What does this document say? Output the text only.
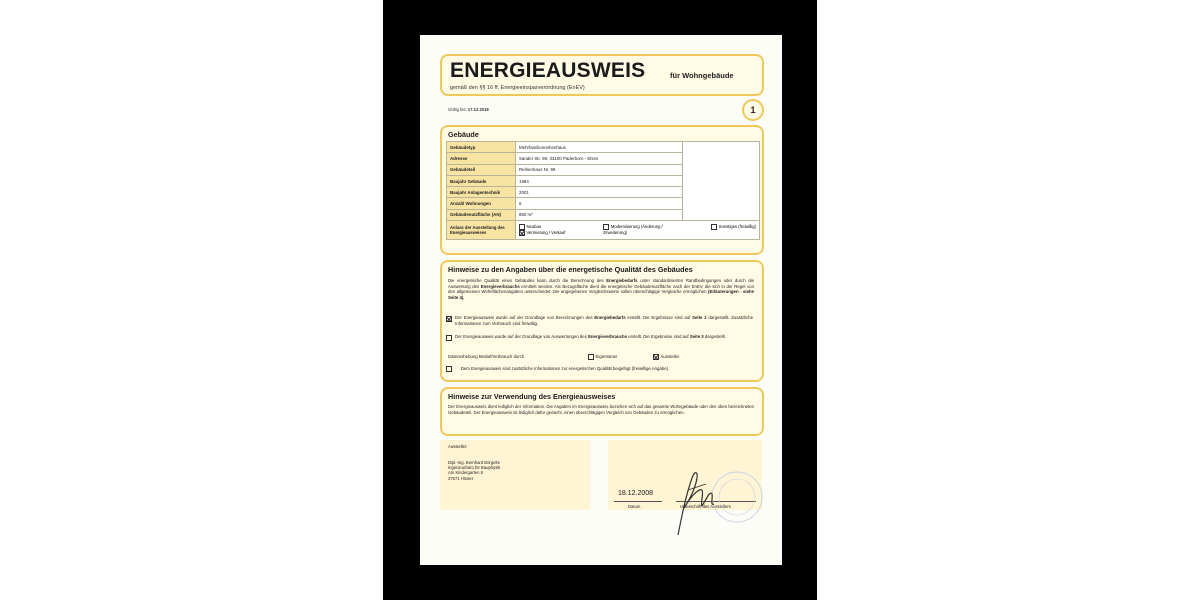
ENERGIEAUSWEIS	für Wohngebäude
gemäß den §§ 16 ff. Energieeinsparverordnung (EnEV)
Gültig bis: 17.12.2018	1
Gebäude
Gebäudetyp	Mehrfamilienreihenhaus	
Adresse	Sander Str. 98, 33100 Paderborn - Elsen	
Gebäudeteil	Reihenhaus Nr. 98	
Baujahr Gebäude	1984	
Baujahr Anlagentechnik	2001	
Anzahl Wohnungen	6	
Gebäudenutzfläche (AN)	860 m²	
Anlass der Ausstellung des Energieausweises	Neubau
Vermietung / Verkauf
Modernisierung (Änderung / Erweiterung)
Sonstiges (freiwillig)	
Hinweise zu den Angaben über die energetische Qualität des Gebäudes
Die energetische Qualität eines Gebäudes kann durch die Berechnung des Energiebedarfs unter standardisierten Randbedingungen oder durch die Auswertung des Energieverbrauchs ermittelt werden. Als Bezugsfläche dient die energetische Gebäudenutzfläche nach der EnEV, die sich in der Regel von den allgemeinen Wohnflächenangaben unterscheidet. Die angegebenen Vergleichswerte sollen überschlägige Vergleiche ermöglichen (Erläuterungen - siehe Seite 4).
Der Energieausweis wurde auf der Grundlage von Berechnungen des Energiebedarfs erstellt. Die Ergebnisse sind auf Seite 2 dargestellt. Zusätzliche Informationen zum Verbrauch sind freiwillig.
Der Energieausweis wurde auf der Grundlage von Auswertungen des Energieverbrauchs erstellt. Die Ergebnisse sind auf Seite 3 dargestellt.
Datenerhebung Bedarf/Verbrauch durch	Eigentümer	Aussteller
Dem Energieausweis sind zusätzliche Informationen zur energetischen Qualität beigefügt (freiwillige Angabe).
Hinweise zur Verwendung des Energieausweises
Der Energieausweis dient lediglich der Information. Die Angaben im Energieausweis beziehen sich auf das gesamte Wohngebäude oder den oben bezeichneten Gebäudeteil. Der Energieausweis ist lediglich dafür gedacht, einen überschlägigen Vergleich von Gebäuden zu ermöglichen.
Aussteller:
Dipl.-Ing. Bernhard Borgelte
Ingenieurbüro für Bauphysik
Am Kindergarten 8
37671 Höxter
18.12.2008
Datum	Unterschrift des Ausstellers
